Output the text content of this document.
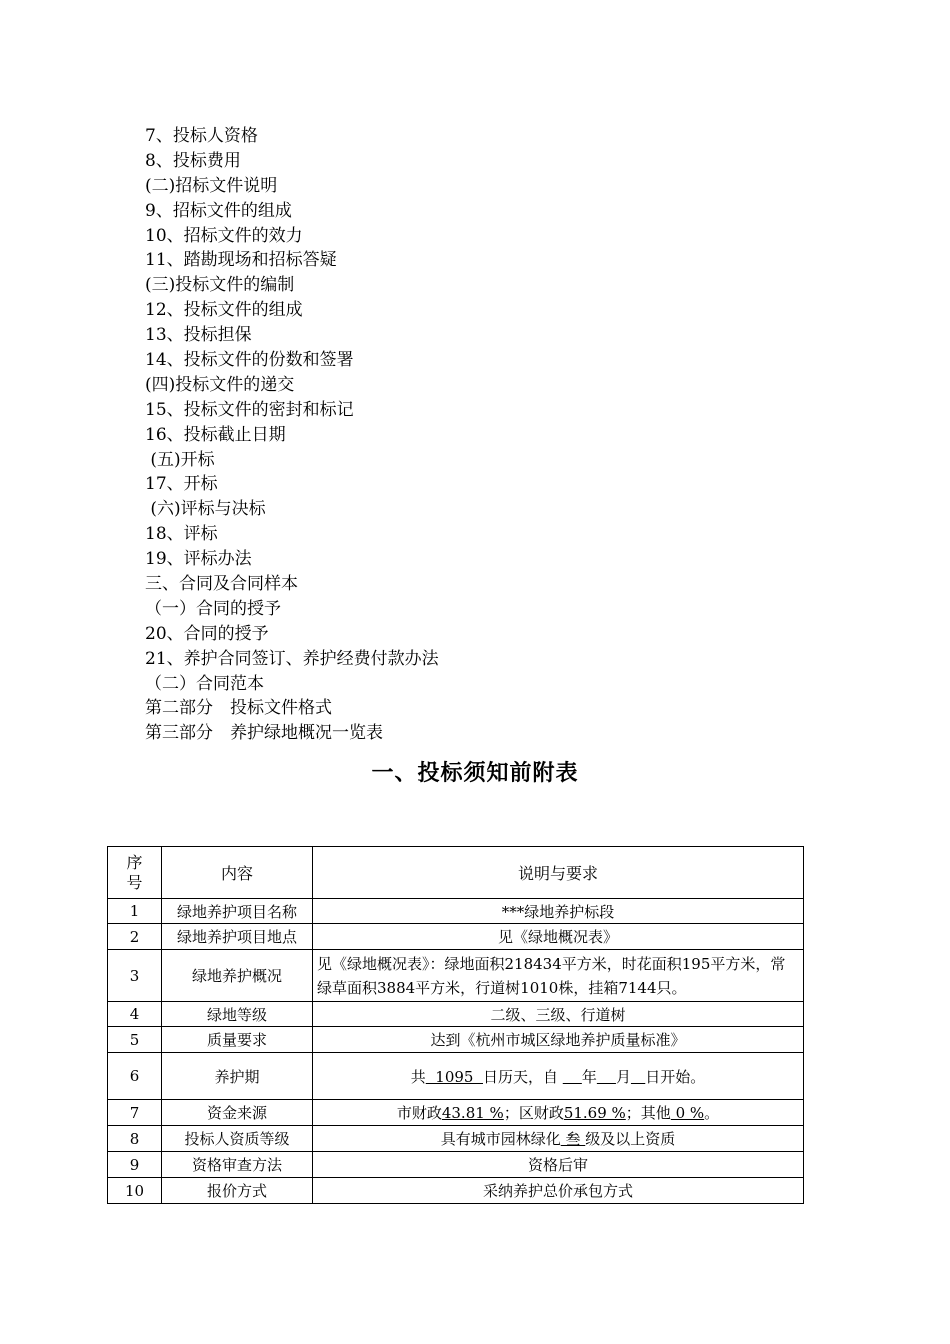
7、投标人资格
8、投标费用
(二)招标文件说明
9、招标文件的组成
10、招标文件的效力
11、踏勘现场和招标答疑
(三)投标文件的编制
12、投标文件的组成
13、投标担保
14、投标文件的份数和签署
(四)投标文件的递交
15、投标文件的密封和标记
16、投标截止日期
(五)开标
17、开标
(六)评标与决标
18、评标
19、评标办法
三、合同及合同样本
（一）合同的授予
20、合同的授予
21、养护合同签订、养护经费付款办法
（二）合同范本
第二部分　投标文件格式
第三部分　养护绿地概况一览表
一、投标须知前附表
序号	内容	说明与要求
1	绿地养护项目名称	***绿地养护标段
2	绿地养护项目地点	见《绿地概况表》
3	绿地养护概况	见《绿地概况表》：绿地面积218434平方米，时花面积195平方米，常绿草面积3884平方米，行道树1010株，挂箱7144只。
4	绿地等级	二级、三级、行道树
5	质量要求	达到《杭州市城区绿地养护质量标准》
6	养护期	共  1095  日历天，自     年 月 日开始。
7	资金来源	市财政43.81 %；区财政51.69 %；其他 0 %。
8	投标人资质等级	具有城市园林绿化 叁 级及以上资质
9	资格审查方法	资格后审
10	报价方式	采纳养护总价承包方式
